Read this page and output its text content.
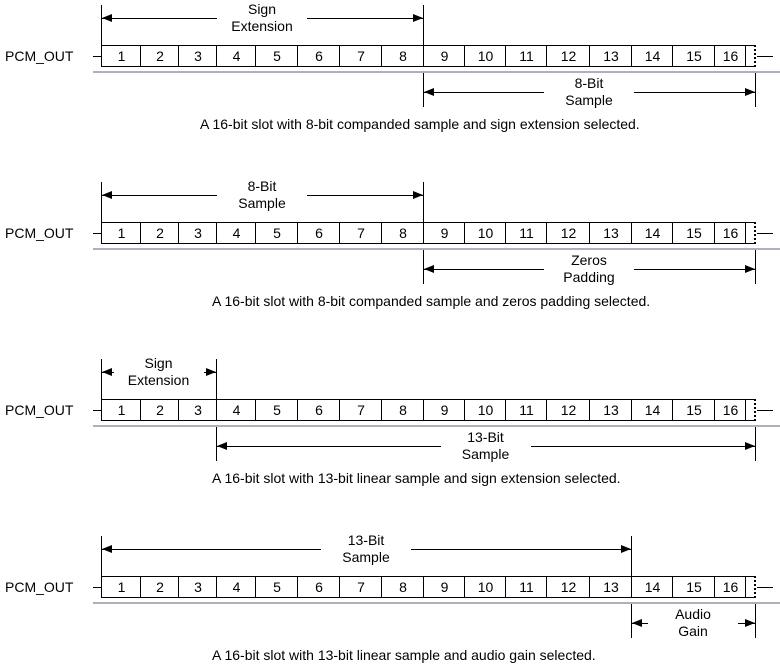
PCM_OUT	1	2	3	4	5	6	7	8	9	10	11	12	13	14	15	16
Sign
Extension
8-Bit
Sample
A 16-bit slot with 8-bit companded sample and sign extension selected.
PCM_OUT	1	2	3	4	5	6	7	8	9	10	11	12	13	14	15	16
8-Bit
Sample
Zeros
Padding
A 16-bit slot with 8-bit companded sample and zeros padding selected.
PCM_OUT	1	2	3	4	5	6	7	8	9	10	11	12	13	14	15	16
Sign
Extension
13-Bit
Sample
A 16-bit slot with 13-bit linear sample and sign extension selected.
PCM_OUT	1	2	3	4	5	6	7	8	9	10	11	12	13	14	15	16
13-Bit
Sample
Audio
Gain
A 16-bit slot with 13-bit linear sample and audio gain selected.
